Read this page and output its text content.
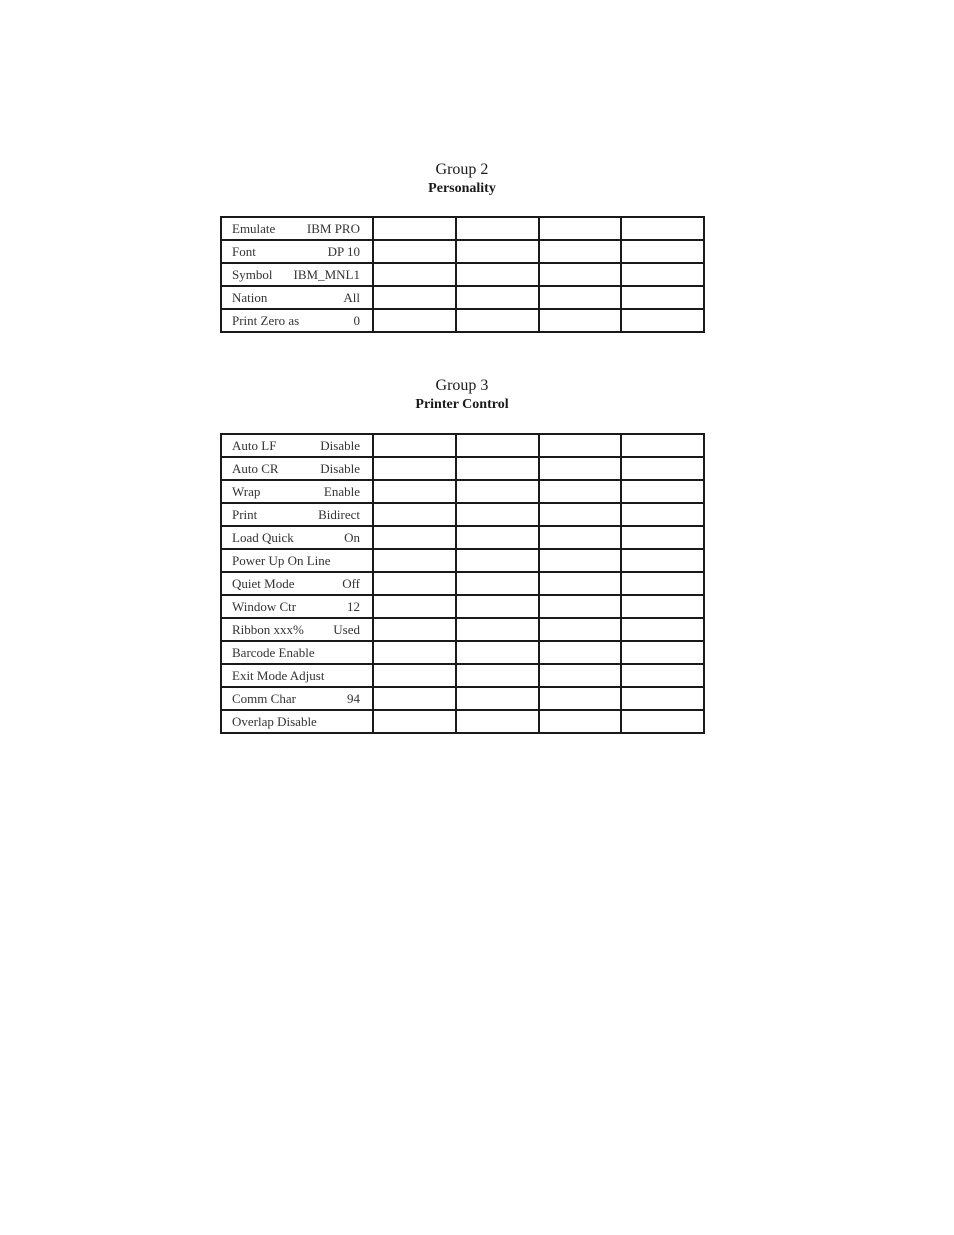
Group 2
Personality
Emulate IBM PRO				

Font DP 10				

Symbol IBM_MNL1				

Nation All				

Print Zero as 0				

Group 3
Printer Control
Auto LF Disable				

Auto CR Disable				

Wrap Enable				

Print Bidirect				

Load Quick On				

Power Up On Line				

Quiet Mode Off				

Window Ctr 12				

Ribbon xxx% Used				

Barcode Enable				

Exit Mode Adjust				

Comm Char 94				

Overlap Disable				
